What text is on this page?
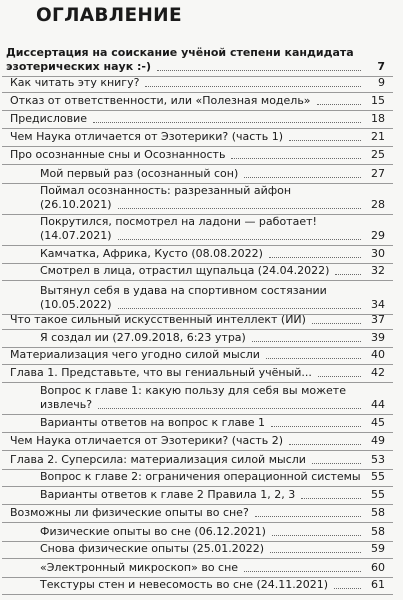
ОГЛАВЛЕНИЕ
Диссертация на соискание учёной степени кандидата
эзотерических наук :-)	7
Как читать эту книгу?	9
Отказ от ответственности, или «Полезная модель»	15
Предисловие	18
Чем Наука отличается от Эзотерики? (часть 1)	21
Про осознанные сны и Осознанность	25
Мой первый раз (осознанный сон)	27
Поймал осознанность: разрезанный айфон
(26.10.2021)	28
Покрутился, посмотрел на ладони — работает!
(14.07.2021)	29
Камчатка, Африка, Кусто (08.08.2022)	30
Смотрел в лица, отрастил щупальца (24.04.2022)	32
Вытянул себя в удава на спортивном состязании
(10.05.2022)	34
Что такое сильный искусственный интеллект (ИИ)	37
Я создал ии (27.09.2018, 6:23 утра)	39
Материализация чего угодно силой мысли	40
Глава 1. Представьте, что вы гениальный учёный...	42
Вопрос к главе 1: какую пользу для себя вы можете
извлечь?	44
Варианты ответов на вопрос к главе 1	45
Чем Наука отличается от Эзотерики? (часть 2)	49
Глава 2. Суперсила: материализация силой мысли	53
Вопрос к главе 2: ограничения операционной системы 55
Варианты ответов к главе 2 Правила 1, 2, 3	55
Возможны ли физические опыты во сне?	58
Физические опыты во сне (06.12.2021)	58
Снова физические опыты (25.01.2022)	59
«Электронный микроскоп» во сне	60
Текстуры стен и невесомость во сне (24.11.2021)	61
